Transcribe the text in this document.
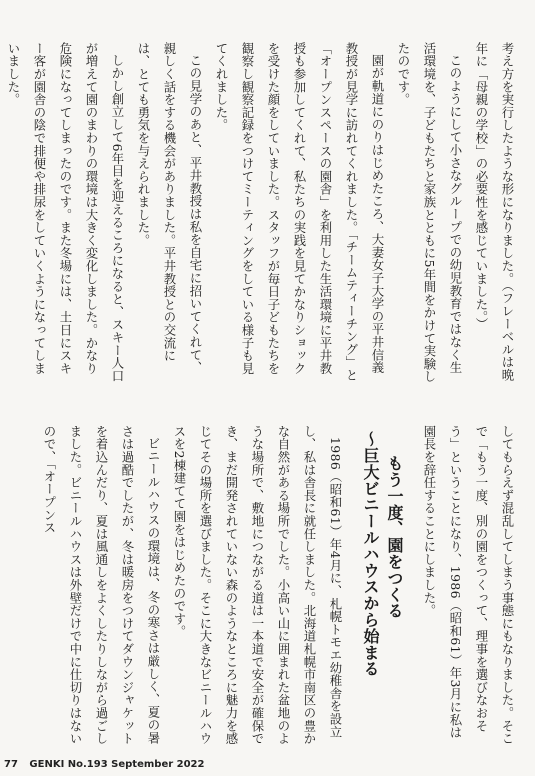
考え方を実行したような形になりました。（フレーベルは晩年に「母親の学校」の必要性を感じていました。）

このようにして小さなグループでの幼児教育ではなく生活環境を、子どもたちと家族とともに5年間をかけて実験したのです。

園が軌道にのりはじめたころ、大妻女子大学の平井信義教授が見学に訪れてくれました。「チームティーチング」と「オープンスペースの園舎」を利用した生活環境に平井教授も参加してくれて、私たちの実践を見てかなりショックを受けた顔をしていました。スタッフが毎日子どもたちを観察し観察記録をつけてミーティングをしている様子も見てくれました。

この見学のあと、平井教授は私を自宅に招いてくれて、親しく話をする機会がありました。平井教授との交流には、とても勇気を与えられました。

しかし創立して6年目を迎えるころになると、スキー人口が増えて園のまわりの環境は大きく変化しました。かなり危険になってしまったのです。また冬場には、土日にスキー客が園舎の陰で排便や排尿をしていくようになってしまいました。

してもらえず混乱してしまう事態にもなりました。そこで「もう一度、別の園をつくって、理事を選びなおそう」ということになり、1986（昭和61）年3月に私は園長を辞任することにしました。

もう一度、園をつくる
〜巨大ビニールハウスから始まる

1986（昭和61）年4月に、札幌トモエ幼稚舎を設立し、私は舎長に就任しました。北海道札幌市南区の豊かな自然がある場所でした。小高い山に囲まれた盆地のような場所で、敷地につながる道は一本道で安全が確保でき、まだ開発されていない森のようなところに魅力を感じてその場所を選びました。そこに大きなビニールハウスを2棟建てて園をはじめたのです。

ビニールハウスの環境は、冬の寒さは厳しく、夏の暑さは過酷でしたが、冬は暖房をつけてダウンジャケットを着込んだり、夏は風通しをよくしたりしながら過ごしました。ビニールハウスは外壁だけで中に仕切りはないので、「オープンス

77 GENKI No.193 September 2022
